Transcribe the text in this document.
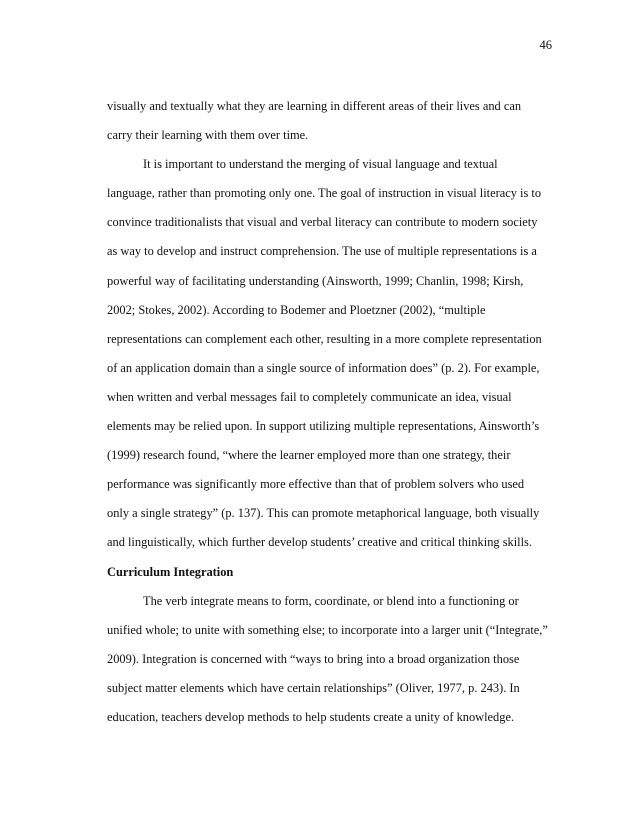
46
visually and textually what they are learning in different areas of their lives and can
carry their learning with them over time.
It is important to understand the merging of visual language and textual
language, rather than promoting only one. The goal of instruction in visual literacy is to
convince traditionalists that visual and verbal literacy can contribute to modern society
as way to develop and instruct comprehension. The use of multiple representations is a
powerful way of facilitating understanding (Ainsworth, 1999; Chanlin, 1998; Kirsh,
2002; Stokes, 2002). According to Bodemer and Ploetzner (2002), “multiple
representations can complement each other, resulting in a more complete representation
of an application domain than a single source of information does” (p. 2). For example,
when written and verbal messages fail to completely communicate an idea, visual
elements may be relied upon. In support utilizing multiple representations, Ainsworth’s
(1999) research found, “where the learner employed more than one strategy, their
performance was significantly more effective than that of problem solvers who used
only a single strategy” (p. 137). This can promote metaphorical language, both visually
and linguistically, which further develop students’ creative and critical thinking skills.
Curriculum Integration
The verb integrate means to form, coordinate, or blend into a functioning or
unified whole; to unite with something else; to incorporate into a larger unit (“Integrate,”
2009). Integration is concerned with “ways to bring into a broad organization those
subject matter elements which have certain relationships” (Oliver, 1977, p. 243). In
education, teachers develop methods to help students create a unity of knowledge.
